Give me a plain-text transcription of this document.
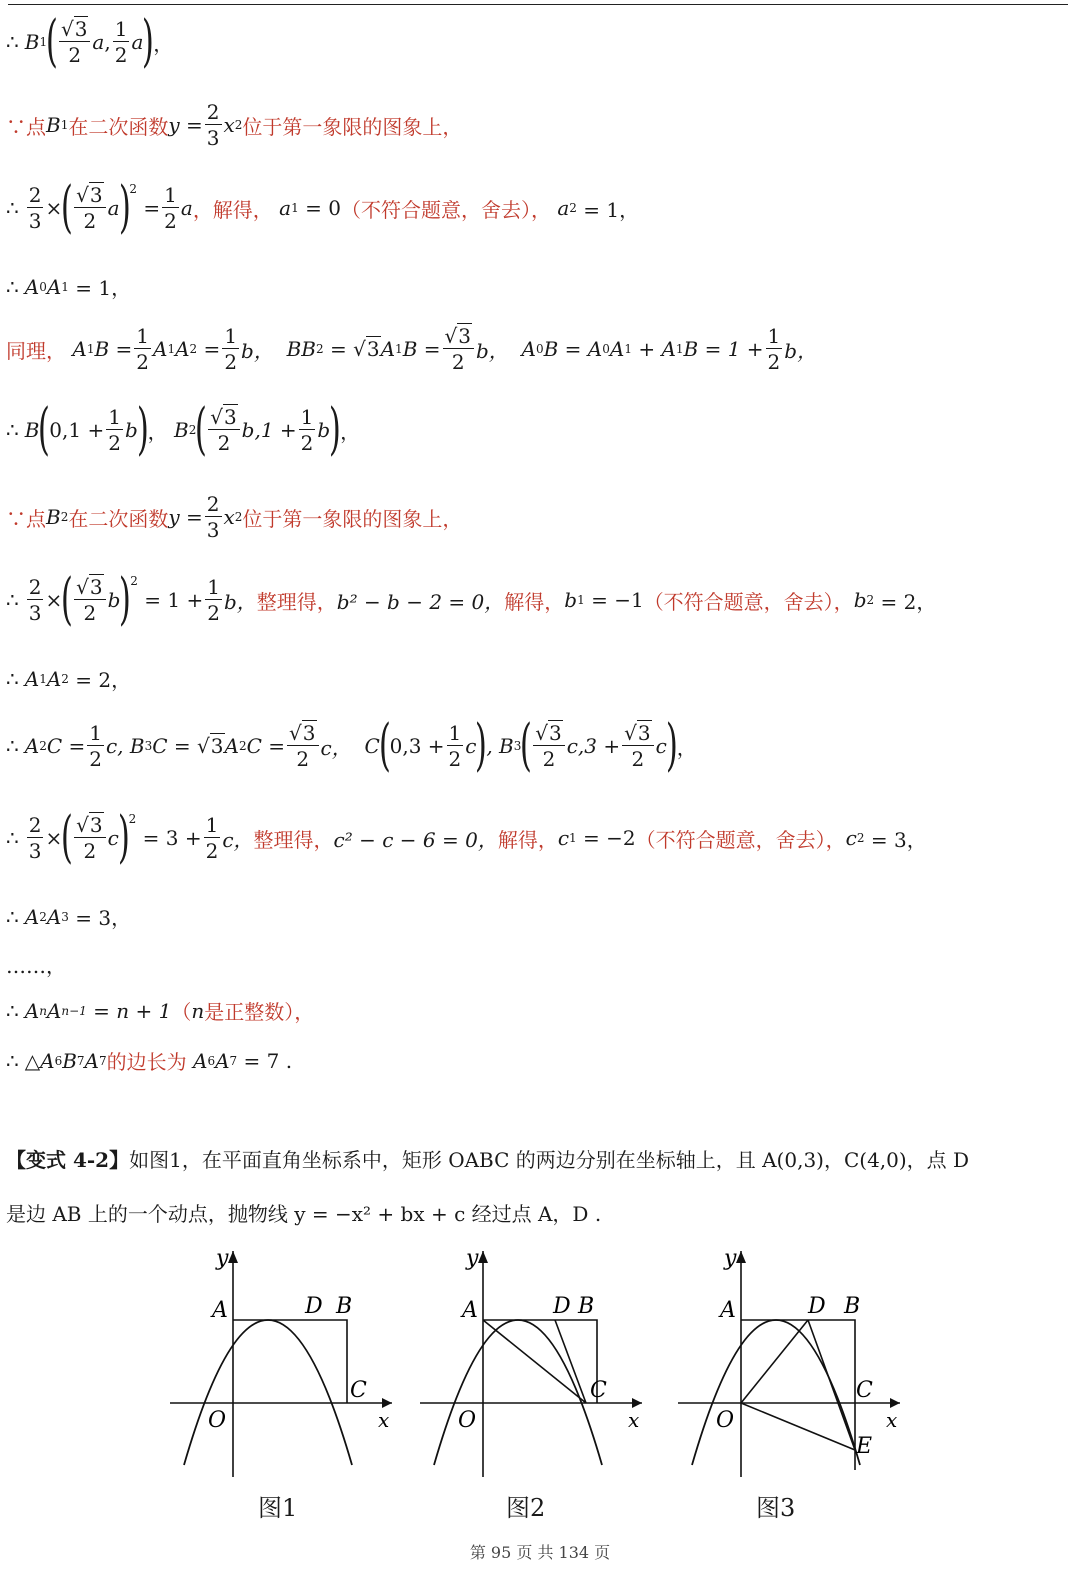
∴ B 1
( $\frac{√3}{2}$ a , $\frac{1}{2}$ a
)
，
∵点 B 1 在二次函数 $y = \frac{2}{3}$ x 2 位于第一象限的图象上，
∴ $\frac{2}{3}$ ×
( $\frac{√3}{2}$ a
)
2

= $\frac{1}{2}$ a ，解得，
a 1
= 0 （不符合题意，舍去），
a 2
= 1，
∴ A 0 A 1
= 1，
同理，
A 1 $B = \frac{1}{2}$ A 1 A 2
= $\frac{1}{2}$ b，
BB 2
= √ 3 A 1 $B = \frac{√3}{2}$ b，
A 0 B = A 0 A 1
+ A 1 $B = 1 + \frac{1}{2}$ b，
∴ B
(
$0,1 + \frac{1}{2}$ b
)
，
B 2
( $\frac{√3}{2} b,1 + \frac{1}{2}$ b
)
，
∵点 B 2 在二次函数 $y = \frac{2}{3}$ x 2 位于第一象限的图象上，
∴ $\frac{2}{3}$ ×
( $\frac{√3}{2}$ b
)
2

= $1 + \frac{1}{2}$ b， 整理得， b² − b − 2 = 0， 解得， b 1
= −1 （不符合题意，舍去）， b 2
= 2，
∴ A 1 A 2
= 2，
∴ A 2 $C = \frac{1}{2} c$, B 3 C = √ 3 A 2 $C = \frac{√3}{2}$ c，
C
(
$0,3 + \frac{1}{2}$ c
)
, B 3
( $\frac{√3}{2} c,3 + \frac{√3}{2}$ c
)
，
∴ $\frac{2}{3}$ ×
( $\frac{√3}{2}$ c
)
2

= $3 + \frac{1}{2}$ c， 整理得， c² − c − 6 = 0， 解得， c 1
= −2 （不符合题意，舍去）， c 2
= 3，
∴ A 2 A 3
= 3，
……，
∴ A n A n−1
= n + 1 （ n 是正整数），
∴ △A 6 B 7 A 7 的边长为
A 6 A 7
= 7 .
【变式 4-2】如图1，在平面直角坐标系中，矩形 OABC 的两边分别在坐标轴上，且 A(0,3)，C(4,0)，点 D
是边 AB 上的一个动点，抛物线 y = −x² + bx + c 经过点 A，D .
y
A	D B
C
O	x
y
A	D B
C
O	x
y
A	D B
C
O	x
E
图1	图2	图3
第 95 页 共 134 页
